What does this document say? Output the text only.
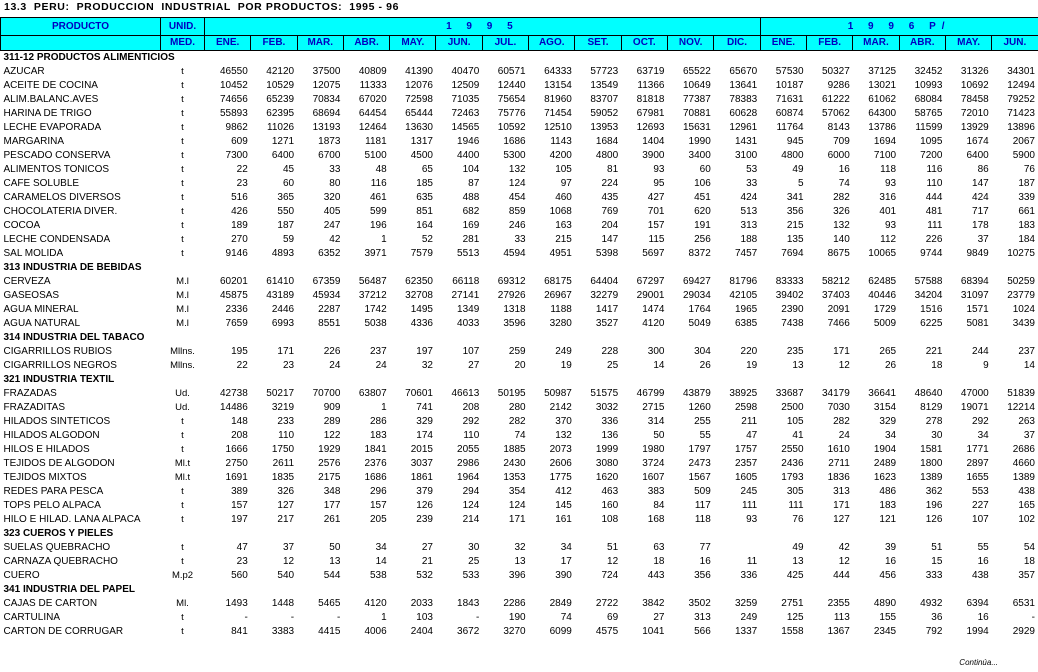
13.3  PERU:  PRODUCCION  INDUSTRIAL  POR PRODUCTOS:  1995 - 96
PRODUCTO	UNID.	1 9 9 5												1 9 9 6 P/					
	MED.	ENE.	FEB.	MAR.	ABR.	MAY.	JUN.	JUL.	AGO.	SET.	OCT.	NOV.	DIC.	ENE.	FEB.	MAR.	ABR.	MAY.	JUN.
311-12 PRODUCTOS ALIMENTICIOS																			
AZUCAR	t	46550	42120	37500	40809	41390	40470	60571	64333	57723	63719	65522	65670	57530	50327	37125	32452	31326	34301
ACEITE DE COCINA	t	10452	10529	12075	11333	12076	12509	12440	13154	13549	11366	10649	13641	10187	9286	13021	10993	10692	12494
ALIM.BALANC.AVES	t	74656	65239	70834	67020	72598	71035	75654	81960	83707	81818	77387	78383	71631	61222	61062	68084	78458	79252
HARINA DE TRIGO	t	55893	62395	68694	64454	65444	72463	75776	71454	59052	67981	70881	60628	60874	57062	64300	58765	72010	71423
LECHE EVAPORADA	t	9862	11026	13193	12464	13630	14565	10592	12510	13953	12693	15631	12961	11764	8143	13786	11599	13929	13896
MARGARINA	t	609	1271	1873	1181	1317	1946	1686	1143	1684	1404	1990	1431	945	709	1694	1095	1674	2067
PESCADO CONSERVA	t	7300	6400	6700	5100	4500	4400	5300	4200	4800	3900	3400	3100	4800	6000	7100	7200	6400	5900
ALIMENTOS TONICOS	t	22	45	33	48	65	104	132	105	81	93	60	53	49	16	118	116	86	76
CAFE SOLUBLE	t	23	60	80	116	185	87	124	97	224	95	106	33	5	74	93	110	147	187
CARAMELOS DIVERSOS	t	516	365	320	461	635	488	454	460	435	427	451	424	341	282	316	444	424	339
CHOCOLATERIA DIVER.	t	426	550	405	599	851	682	859	1068	769	701	620	513	356	326	401	481	717	661
COCOA	t	189	187	247	196	164	169	246	163	204	157	191	313	215	132	93	111	178	183
LECHE CONDENSADA	t	270	59	42	1	52	281	33	215	147	115	256	188	135	140	112	226	37	184
SAL MOLIDA	t	9146	4893	6352	3971	7579	5513	4594	4951	5398	5697	8372	7457	7694	8675	10065	9744	9849	10275
313 INDUSTRIA DE BEBIDAS																			
CERVEZA	M.l	60201	61410	67359	56487	62350	66118	69312	68175	64404	67297	69427	81796	83333	58212	62485	57588	68394	50259
GASEOSAS	M.l	45875	43189	45934	37212	32708	27141	27926	26967	32279	29001	29034	42105	39402	37403	40446	34204	31097	23779
AGUA MINERAL	M.l	2336	2446	2287	1742	1495	1349	1318	1188	1417	1474	1764	1965	2390	2091	1729	1516	1571	1024
AGUA NATURAL	M.l	7659	6993	8551	5038	4336	4033	3596	3280	3527	4120	5049	6385	7438	7466	5009	6225	5081	3439
314 INDUSTRIA DEL TABACO																			
CIGARRILLOS RUBIOS	Mllns.	195	171	226	237	197	107	259	249	228	300	304	220	235	171	265	221	244	237
CIGARRILLOS NEGROS	Mllns.	22	23	24	24	32	27	20	19	25	14	26	19	13	12	26	18	9	14
321 INDUSTRIA TEXTIL																			
FRAZADAS	Ud.	42738	50217	70700	63807	70601	46613	50195	50987	51575	46799	43879	38925	33687	34179	36641	48640	47000	51839
FRAZADITAS	Ud.	14486	3219	909	1	741	208	280	2142	3032	2715	1260	2598	2500	7030	3154	8129	19071	12214
HILADOS SINTETICOS	t	148	233	289	286	329	292	282	370	336	314	255	211	105	282	329	278	292	263
HILADOS ALGODON	t	208	110	122	183	174	110	74	132	136	50	55	47	41	24	34	30	34	37
HILOS E HILADOS	t	1666	1750	1929	1841	2015	2055	1885	2073	1999	1980	1797	1757	2550	1610	1904	1581	1771	2686
TEJIDOS DE ALGODON	Ml.t	2750	2611	2576	2376	3037	2986	2430	2606	3080	3724	2473	2357	2436	2711	2489	1800	2897	4660
TEJIDOS MIXTOS	Ml.t	1691	1835	2175	1686	1861	1964	1353	1775	1620	1607	1567	1605	1793	1836	1623	1389	1655	1389
REDES PARA PESCA	t	389	326	348	296	379	294	354	412	463	383	509	245	305	313	486	362	553	438
TOPS PELO ALPACA	t	157	127	177	157	126	124	124	145	160	84	117	111	111	171	183	196	227	165
HILO E HILAD. LANA ALPACA	t	197	217	261	205	239	214	171	161	108	168	118	93	76	127	121	126	107	102
323 CUEROS Y PIELES																			
SUELAS QUEBRACHO	t	47	37	50	34	27	30	32	34	51	63	77		49	42	39	51	55	54
CARNAZA QUEBRACHO	t	23	12	13	14	21	25	13	17	12	18	16	11	13	12	16	15	16	18
CUERO	M.p2	560	540	544	538	532	533	396	390	724	443	356	336	425	444	456	333	438	357
341 INDUSTRIA DEL PAPEL																			
CAJAS DE CARTON	Ml.	1493	1448	5465	4120	2033	1843	2286	2849	2722	3842	3502	3259	2751	2355	4890	4932	6394	6531
CARTULINA	t	-	-	-	1	103	-	190	74	69	27	313	249	125	113	155	36	16	-
CARTON DE CORRUGAR	t	841	3383	4415	4006	2404	3672	3270	6099	4575	1041	566	1337	1558	1367	2345	792	1994	2929
Continúa...
